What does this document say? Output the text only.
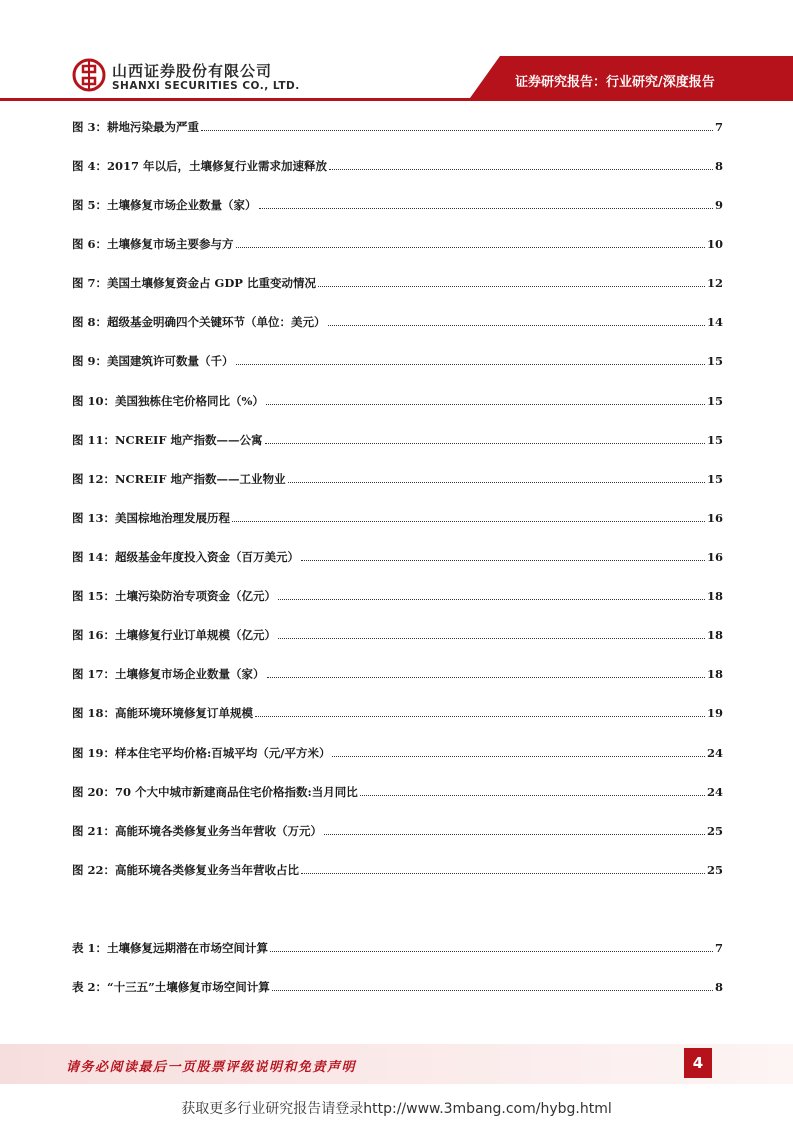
山西证券股份有限公司
SHANXI SECURITIES CO., LTD.	证券研究报告：行业研究/深度报告
图 3：耕地污染最为严重	7
图 4：2017 年以后，土壤修复行业需求加速释放	8
图 5：土壤修复市场企业数量（家）	9
图 6：土壤修复市场主要参与方	10
图 7：美国土壤修复资金占 GDP 比重变动情况	12
图 8：超级基金明确四个关键环节（单位：美元）	14
图 9：美国建筑许可数量（千）	15
图 10：美国独栋住宅价格同比（%）	15
图 11：NCREIF 地产指数——公寓	15
图 12：NCREIF 地产指数——工业物业	15
图 13：美国棕地治理发展历程	16
图 14：超级基金年度投入资金（百万美元）	16
图 15：土壤污染防治专项资金（亿元）	18
图 16：土壤修复行业订单规模（亿元）	18
图 17：土壤修复市场企业数量（家）	18
图 18：高能环境环境修复订单规模	19
图 19：样本住宅平均价格:百城平均（元/平方米）	24
图 20：70 个大中城市新建商品住宅价格指数:当月同比	24
图 21：高能环境各类修复业务当年营收（万元）	25
图 22：高能环境各类修复业务当年营收占比	25
表 1：土壤修复远期潜在市场空间计算	7
表 2：“十三五”土壤修复市场空间计算	8
请务必阅读最后一页股票评级说明和免责声明	4
获取更多行业研究报告请登录http://www.3mbang.com/hybg.html
